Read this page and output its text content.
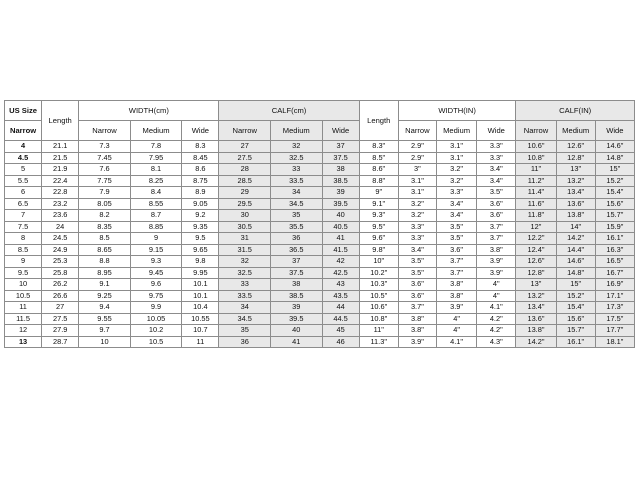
US Size	Length	WIDTH(cm)			CALF(cm)			Length	WIDTH(IN)			CALF(IN)		
Narrow		Narrow	Medium	Wide	Narrow	Medium	Wide		Narrow	Medium	Wide	Narrow	Medium	Wide
4	21.1	7.3	7.8	8.3	27	32	37	8.3"	2.9"	3.1"	3.3"	10.6"	12.6"	14.6"
4.5	21.5	7.45	7.95	8.45	27.5	32.5	37.5	8.5"	2.9"	3.1"	3.3"	10.8"	12.8"	14.8"
5	21.9	7.6	8.1	8.6	28	33	38	8.6"	3"	3.2"	3.4"	11"	13"	15"
5.5	22.4	7.75	8.25	8.75	28.5	33.5	38.5	8.8"	3.1"	3.2"	3.4"	11.2"	13.2"	15.2"
6	22.8	7.9	8.4	8.9	29	34	39	9"	3.1"	3.3"	3.5"	11.4"	13.4"	15.4"
6.5	23.2	8.05	8.55	9.05	29.5	34.5	39.5	9.1"	3.2"	3.4"	3.6"	11.6"	13.6"	15.6"
7	23.6	8.2	8.7	9.2	30	35	40	9.3"	3.2"	3.4"	3.6"	11.8"	13.8"	15.7"
7.5	24	8.35	8.85	9.35	30.5	35.5	40.5	9.5"	3.3"	3.5"	3.7"	12"	14"	15.9"
8	24.5	8.5	9	9.5	31	36	41	9.6"	3.3"	3.5"	3.7"	12.2"	14.2"	16.1"
8.5	24.9	8.65	9.15	9.65	31.5	36.5	41.5	9.8"	3.4"	3.6"	3.8"	12.4"	14.4"	16.3"
9	25.3	8.8	9.3	9.8	32	37	42	10"	3.5"	3.7"	3.9"	12.6"	14.6"	16.5"
9.5	25.8	8.95	9.45	9.95	32.5	37.5	42.5	10.2"	3.5"	3.7"	3.9"	12.8"	14.8"	16.7"
10	26.2	9.1	9.6	10.1	33	38	43	10.3"	3.6"	3.8"	4"	13"	15"	16.9"
10.5	26.6	9.25	9.75	10.1	33.5	38.5	43.5	10.5"	3.6"	3.8"	4"	13.2"	15.2"	17.1"
11	27	9.4	9.9	10.4	34	39	44	10.6"	3.7"	3.9"	4.1"	13.4"	15.4"	17.3"
11.5	27.5	9.55	10.05	10.55	34.5	39.5	44.5	10.8"	3.8"	4"	4.2"	13.6"	15.6"	17.5"
12	27.9	9.7	10.2	10.7	35	40	45	11"	3.8"	4"	4.2"	13.8"	15.7"	17.7"
13	28.7	10	10.5	11	36	41	46	11.3"	3.9"	4.1"	4.3"	14.2"	16.1"	18.1"
